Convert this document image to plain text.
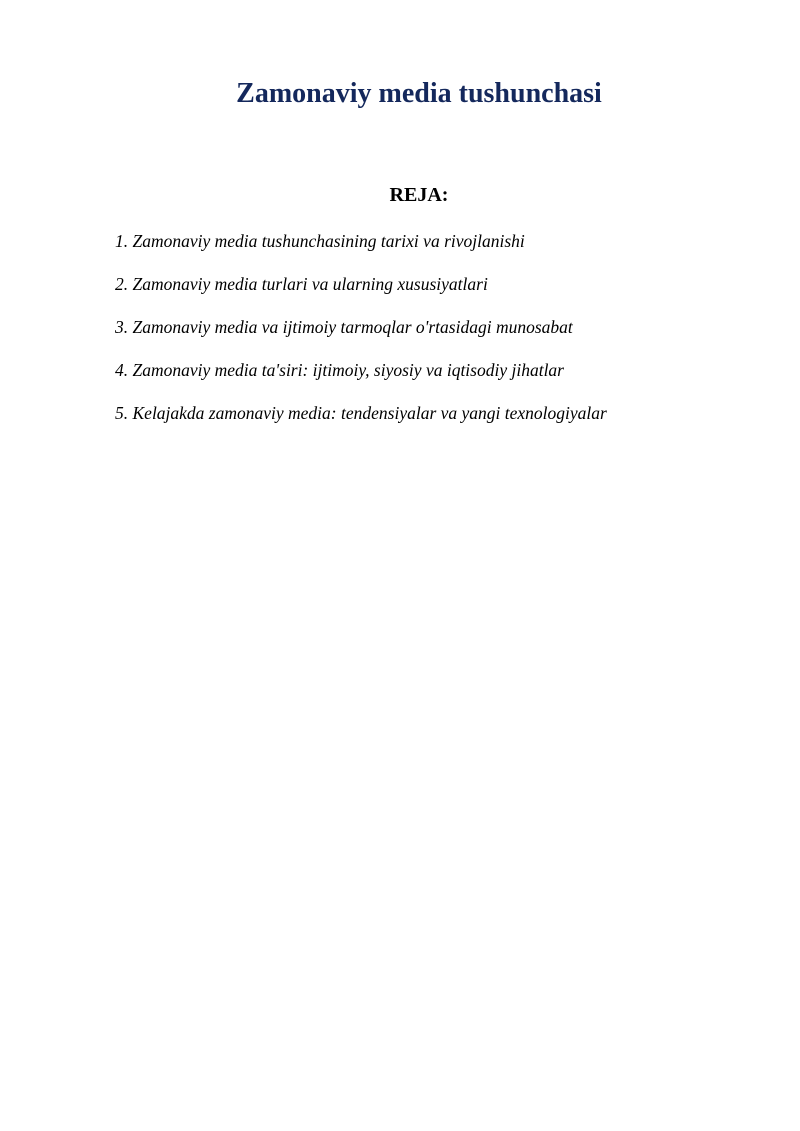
Zamonaviy media tushunchasi
REJA:
1. Zamonaviy media tushunchasining tarixi va rivojlanishi
2. Zamonaviy media turlari va ularning xususiyatlari
3. Zamonaviy media va ijtimoiy tarmoqlar o'rtasidagi munosabat
4. Zamonaviy media ta'siri: ijtimoiy, siyosiy va iqtisodiy jihatlar
5. Kelajakda zamonaviy media: tendensiyalar va yangi texnologiyalar
